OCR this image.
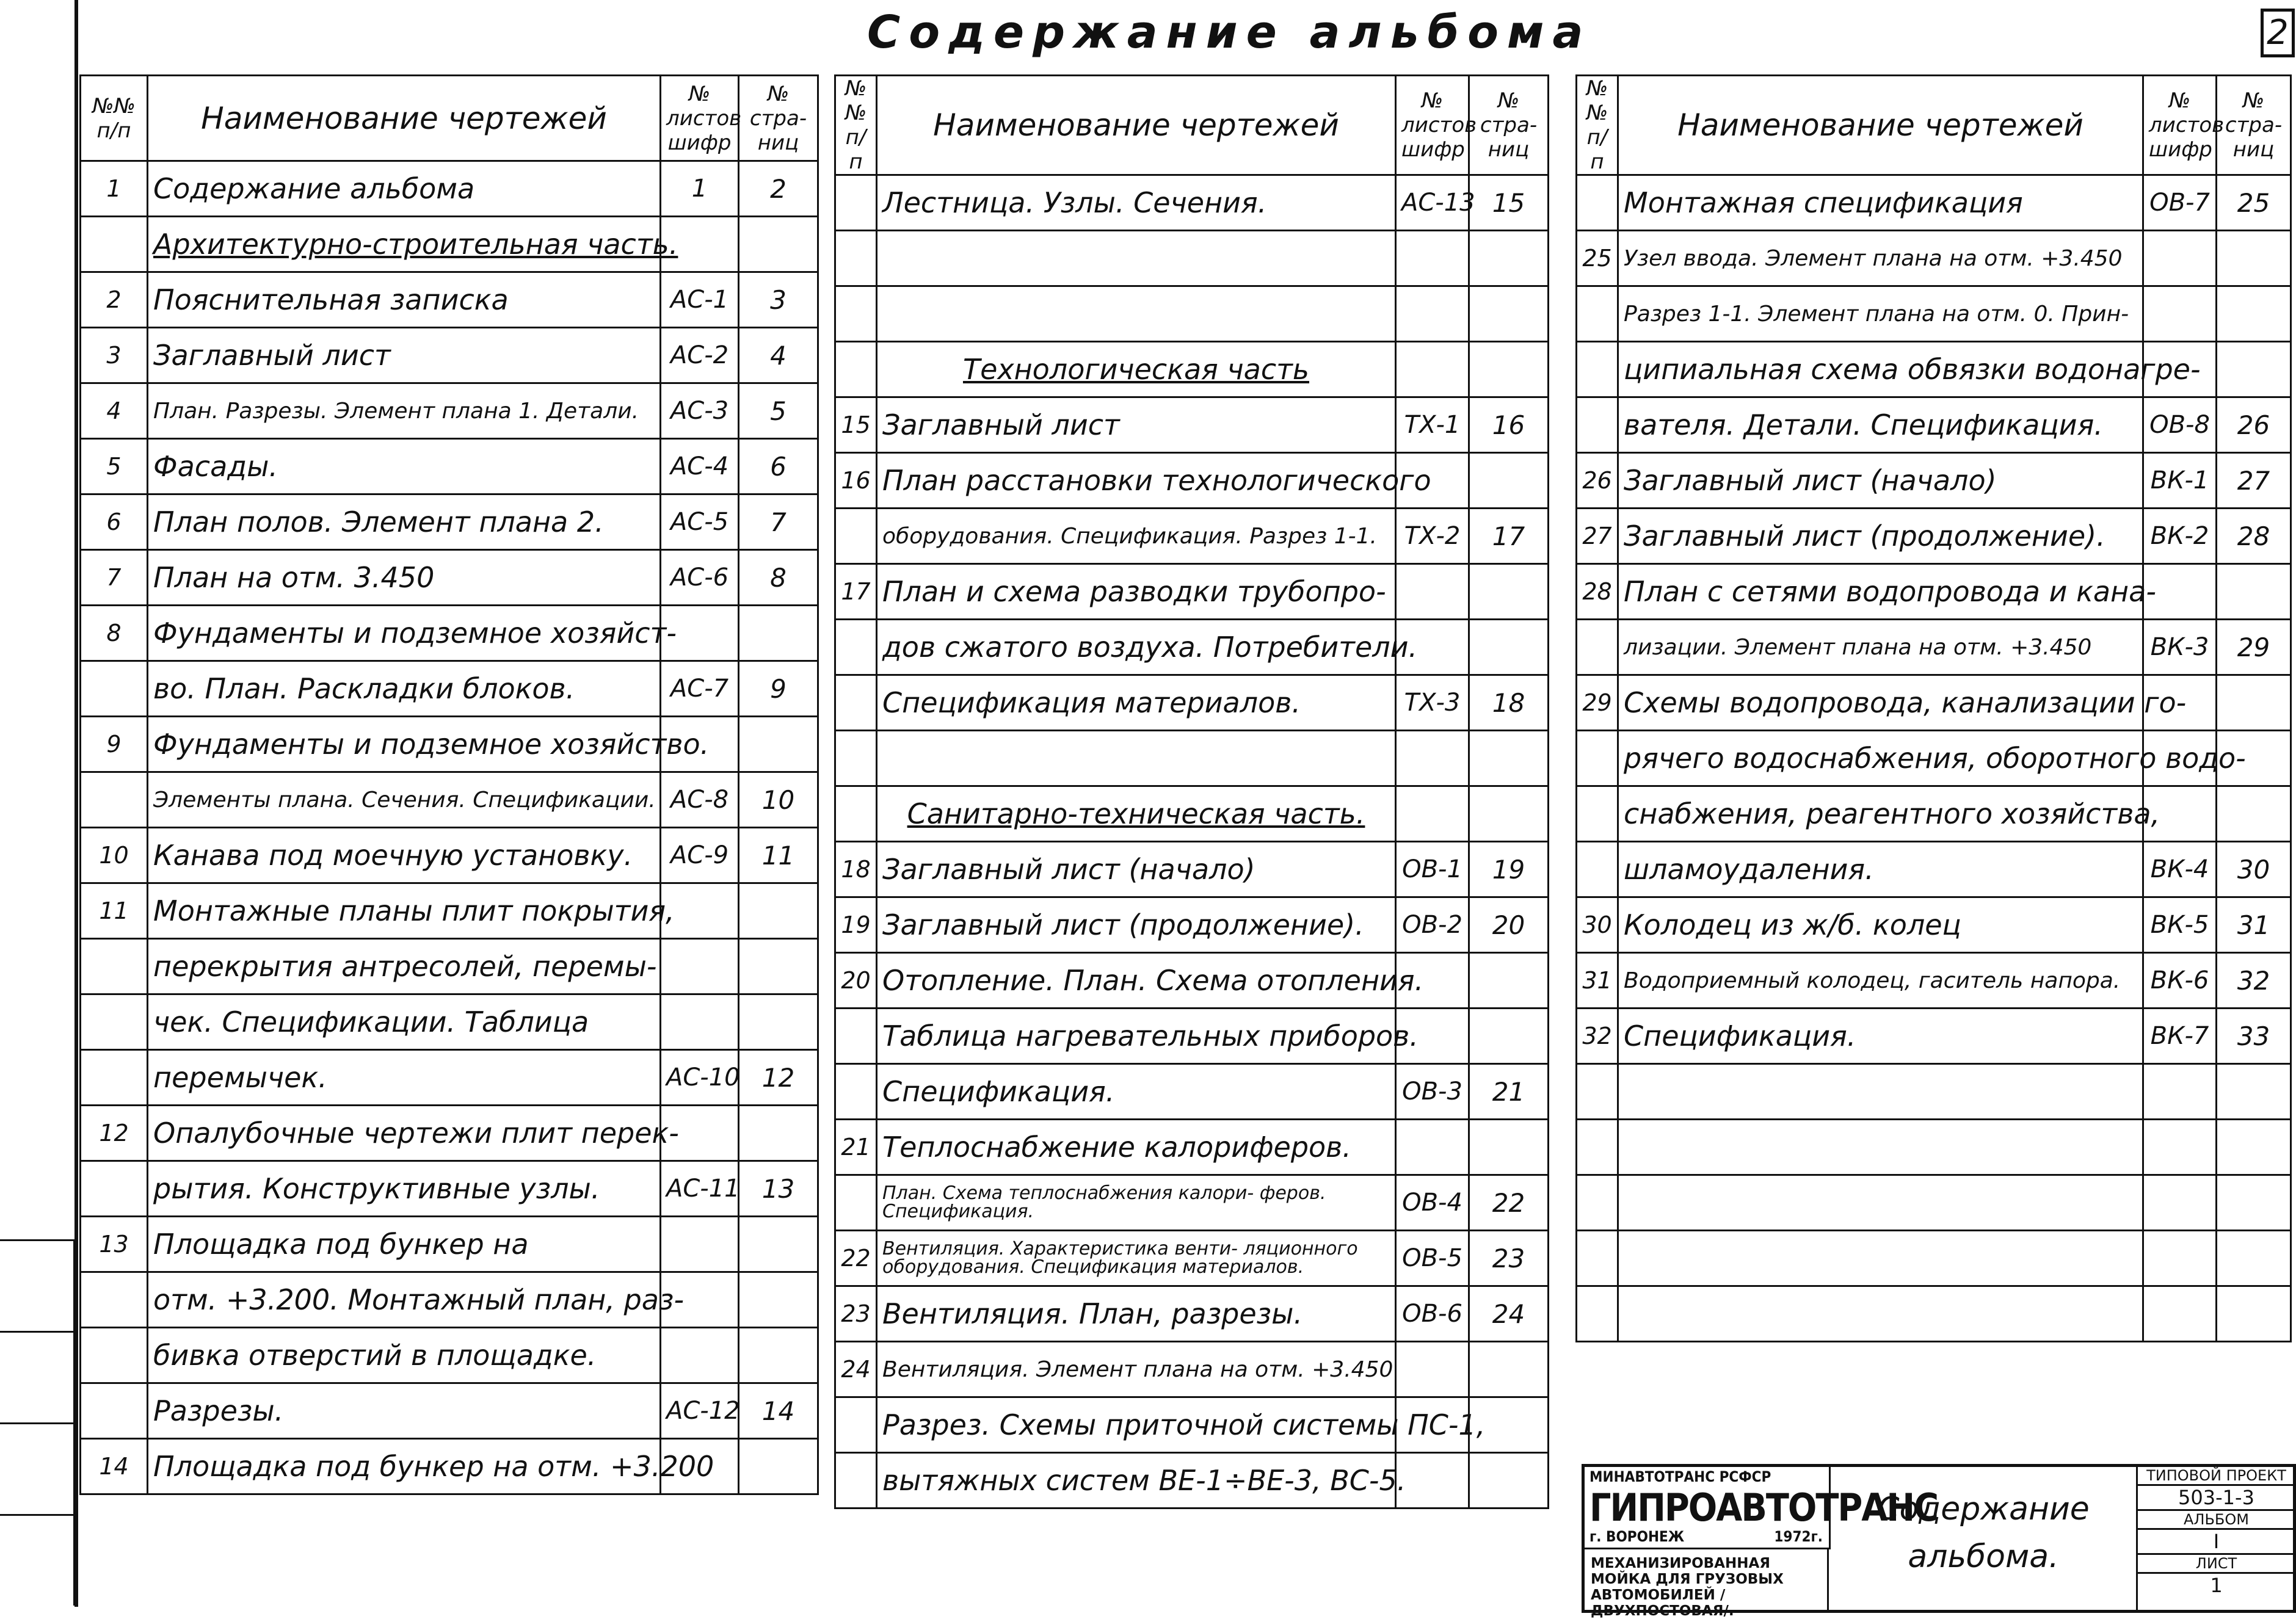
Содержание альбома	2
№№ п/п	Наименование чертежей	№ листов шифр	№ стра-ниц
1	Содержание альбома	1	2
	Архитектурно-строительная часть.		
2	Пояснительная записка	АС-1	3
3	Заглавный лист	АС-2	4
4	План. Разрезы. Элемент плана 1. Детали.	АС-3	5
5	Фасады.	АС-4	6
6	План полов. Элемент плана 2.	АС-5	7
7	План на отм. 3.450	АС-6	8
8	Фундаменты и подземное хозяйст-		
	во. План. Раскладки блоков.	АС-7	9
9	Фундаменты и подземное хозяйство.		
	Элементы плана. Сечения. Спецификации.	АС-8	10
10	Канава под моечную установку.	АС-9	11
11	Монтажные планы плит покрытия,		
	перекрытия антресолей, перемы-		
	чек. Спецификации. Таблица		
	перемычек.	АС-10	12
12	Опалубочные чертежи плит перек-		
	рытия. Конструктивные узлы.	АС-11	13
13	Площадка под бункер на		
	отм. +3.200. Монтажный план, раз-		
	бивка отверстий в площадке.		
	Разрезы.	АС-12	14
14	Площадка под бункер на отм. +3.200		
№№ п/п	Наименование чертежей	№ листов шифр	№ стра-ниц
	Лестница. Узлы. Сечения.	АС-13	15

	Технологическая часть		
15	Заглавный лист	ТХ-1	16
16	План расстановки технологического		
	оборудования. Спецификация. Разрез 1-1.	ТХ-2	17
17	План и схема разводки трубопро-		
	дов сжатого воздуха. Потребители.		
	Спецификация материалов.	ТХ-3	18

	Санитарно-техническая часть.		
18	Заглавный лист (начало)	ОВ-1	19
19	Заглавный лист (продолжение).	ОВ-2	20
20	Отопление. План. Схема отопления.		
	Таблица нагревательных приборов.		
	Спецификация.	ОВ-3	21
21	Теплоснабжение калориферов.		
	План. Схема теплоснабжения калори- феров. Спецификация.	ОВ-4	22
22	Вентиляция. Характеристика венти- ляционного оборудования. Спецификация материалов.	ОВ-5	23
23	Вентиляция. План, разрезы.	ОВ-6	24
24	Вентиляция. Элемент плана на отм. +3.450		
	Разрез. Схемы приточной системы ПС-1,		
	вытяжных систем ВЕ-1÷ВЕ-3, ВС-5.		
№№ п/п	Наименование чертежей	№ листов шифр	№ стра-ниц
	Монтажная спецификация	ОВ-7	25
25	Узел ввода. Элемент плана на отм. +3.450		
	Разрез 1-1. Элемент плана на отм. 0. Прин-		
	ципиальная схема обвязки водонагре-		
	вателя. Детали. Спецификация.	ОВ-8	26
26	Заглавный лист (начало)	ВК-1	27
27	Заглавный лист (продолжение).	ВК-2	28
28	План с сетями водопровода и кана-		
	лизации. Элемент плана на отм. +3.450	ВК-3	29
29	Схемы водопровода, канализации го-		
	рячего водоснабжения, оборотного водо-		
	снабжения, реагентного хозяйства,		
	шламоудаления.	ВК-4	30
30	Колодец из ж/б. колец	ВК-5	31
31	Водоприемный колодец, гаситель напора.	ВК-6	32
32	Спецификация.	ВК-7	33

МИНАВТОТРАНС РСФСР
ГИПРОАВТОТРАНС
г. ВОРОНЕЖ	1972г.
МЕХАНИЗИРОВАННАЯ МОЙКА ДЛЯ ГРУЗОВЫХ АВТОМОБИЛЕЙ /ДВУХПОСТОВАЯ/.
Содержание
альбома.
ТИПОВОЙ ПРОЕКТ
503-1-3
АЛЬБОМ
I
ЛИСТ
1
